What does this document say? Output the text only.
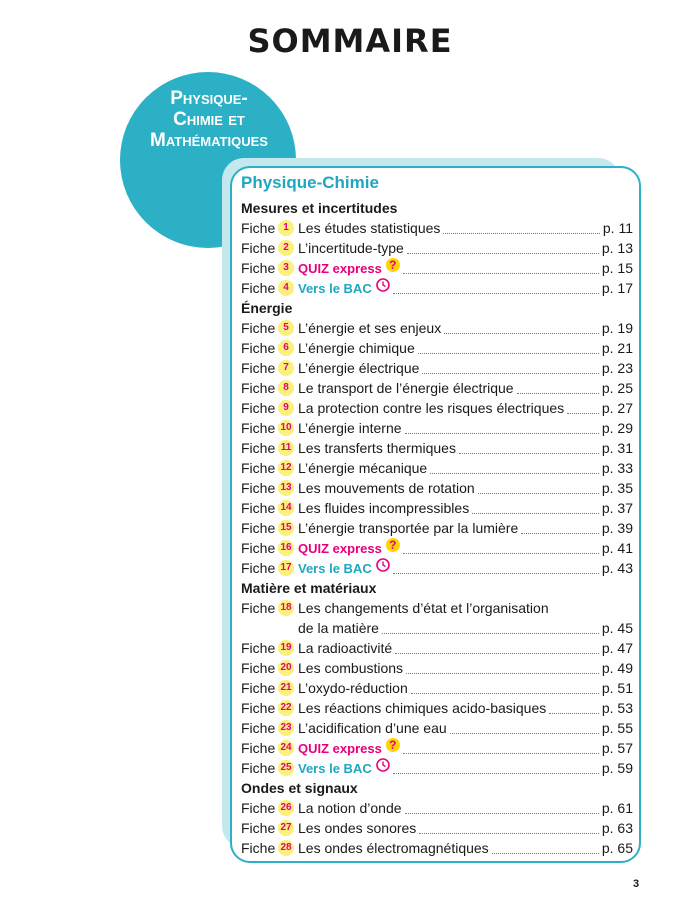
SOMMAIRE
Physique-
Chimie et
Mathématiques
Physique-Chimie
Mesures et incertitudes
Fiche 1 Les études statistiques	p. 11
Fiche 2 L’incertitude-type	p. 13
Fiche 3 QUIZ express ?	p. 15
Fiche 4 Vers le BAC	p. 17
Énergie
Fiche 5 L’énergie et ses enjeux	p. 19
Fiche 6 L’énergie chimique	p. 21
Fiche 7 L’énergie électrique	p. 23
Fiche 8 Le transport de l’énergie électrique	p. 25
Fiche 9 La protection contre les risques électriques	p. 27
Fiche 10 L’énergie interne	p. 29
Fiche 11 Les transferts thermiques	p. 31
Fiche 12 L’énergie mécanique	p. 33
Fiche 13 Les mouvements de rotation	p. 35
Fiche 14 Les fluides incompressibles	p. 37
Fiche 15 L’énergie transportée par la lumière	p. 39
Fiche 16 QUIZ express ?	p. 41
Fiche 17 Vers le BAC	p. 43
Matière et matériaux
Fiche 18 Les changements d’état et l’organisation
de la matière	p. 45
Fiche 19 La radioactivité	p. 47
Fiche 20 Les combustions	p. 49
Fiche 21 L’oxydo-réduction	p. 51
Fiche 22 Les réactions chimiques acido-basiques	p. 53
Fiche 23 L’acidification d’une eau	p. 55
Fiche 24 QUIZ express ?	p. 57
Fiche 25 Vers le BAC	p. 59
Ondes et signaux
Fiche 26 La notion d’onde	p. 61
Fiche 27 Les ondes sonores	p. 63
Fiche 28 Les ondes électromagnétiques	p. 65
3
